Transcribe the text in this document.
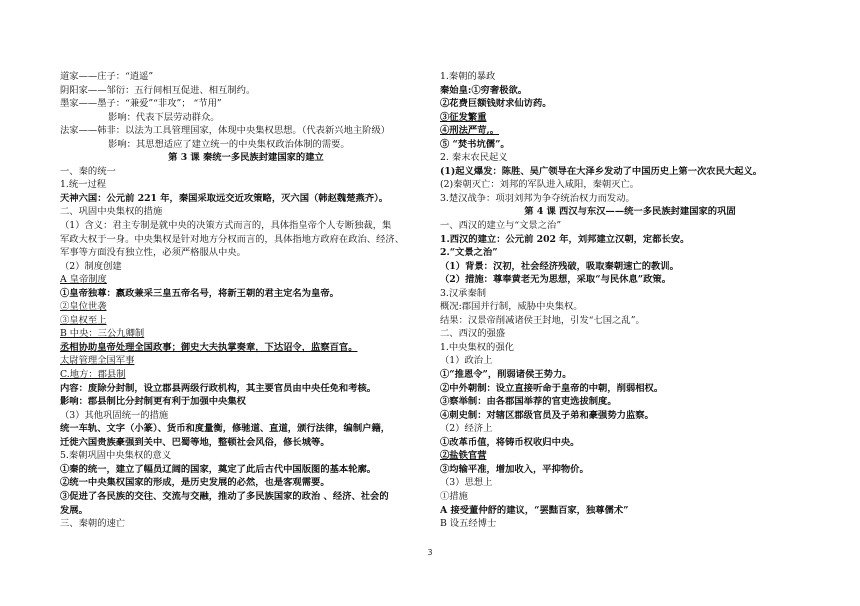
道家——庄子：“逍遥”
阴阳家——邹衍：五行间相互促进、相互制约。
墨家——墨子：“兼爱”“非攻”； “节用”
影响：代表下层劳动群众。
法家——韩非：以法为工具管理国家，体现中央集权思想。（代表新兴地主阶级）
影响：其思想适应了建立统一的中央集权政治体制的需要。
第 3 课 秦统一多民族封建国家的建立
一、秦的统一
1.统一过程
天神六国：公元前 221 年，秦国采取远交近攻策略，灭六国（韩赵魏楚燕齐）。
二、巩固中央集权的措施
（1）含义：君主专制是就中央的决策方式而言的，具体指皇帝个人专断独裁，集
军政大权于一身。中央集权是针对地方分权而言的，具体指地方政府在政治、经济、
军事等方面没有独立性，必须严格服从中央。
（2）制度创建
A 皇帝制度
①皇帝独尊：嬴政兼采三皇五帝名号，将新王朝的君主定名为皇帝。
②皇位世袭
③皇权至上
B 中央：三公九卿制
丞相协助皇帝处理全国政事；御史大夫执掌奏章，下达诏令，监察百官。
太尉管理全国军事
C.地方：郡县制
内容：废除分封制，设立郡县两级行政机构，其主要官员由中央任免和考核。
影响：郡县制比分封制更有利于加强中央集权
（3）其他巩固统一的措施
统一车轨、文字（小篆）、货币和度量衡，修驰道、直道，颁行法律，编制户籍，
迁徙六国贵族豪强到关中、巴蜀等地，整顿社会风俗，修长城等。
5.秦朝巩固中央集权的意义
①秦的统一，建立了幅员辽阔的国家，奠定了此后古代中国版图的基本轮廓。
②统一中央集权国家的形成，是历史发展的必然，也是客观需要。
③促进了各民族的交往、交流与交融，推动了多民族国家的政治 、经济、社会的
发展。
三、秦朝的速亡
1.秦朝的暴政
秦始皇:①穷奢极欲。
②花费巨额钱财求仙访药。
③征发繁重
④刑法严苛,。
⑤ “焚书坑儒”。
2. 秦末农民起义
(1)起义爆发：陈胜、吴广领导在大泽乡发动了中国历史上第一次农民大起义。
(2)秦朝灭亡：刘邦的军队进入咸阳，秦朝灭亡。
3.楚汉战争：项羽刘邦为争夺统治权力而发动。
第 4 课 西汉与东汉——统一多民族封建国家的巩固
一、西汉的建立与“文景之治”
1.西汉的建立：公元前 202 年，刘邦建立汉朝，定都长安。
2.“文景之治”
（1）背景：汉初，社会经济残破，吸取秦朝速亡的教训。
（2）措施：尊奉黄老无为思想，采取“与民休息”政策。
3.汉承秦制
概况:郡国并行制，威胁中央集权。
结果：汉景帝削减诸侯王封地，引发“七国之乱”。
二、西汉的强盛
1.中央集权的强化
（1）政治上
①“推恩令”，削弱诸侯王势力。
②中外朝制：设立直接听命于皇帝的中朝，削弱相权。
③察举制：由各郡国举荐的官吏选拔制度。
④刺史制：对辖区郡级官员及子弟和豪强势力监察。
（2）经济上
①改革币值，将铸币权收归中央。
②盐铁官营
③均输平准，增加收入，平抑物价。
（3）思想上
①措施
A 接受董仲舒的建议，“罢黜百家，独尊儒术”
B 设五经博士
3
